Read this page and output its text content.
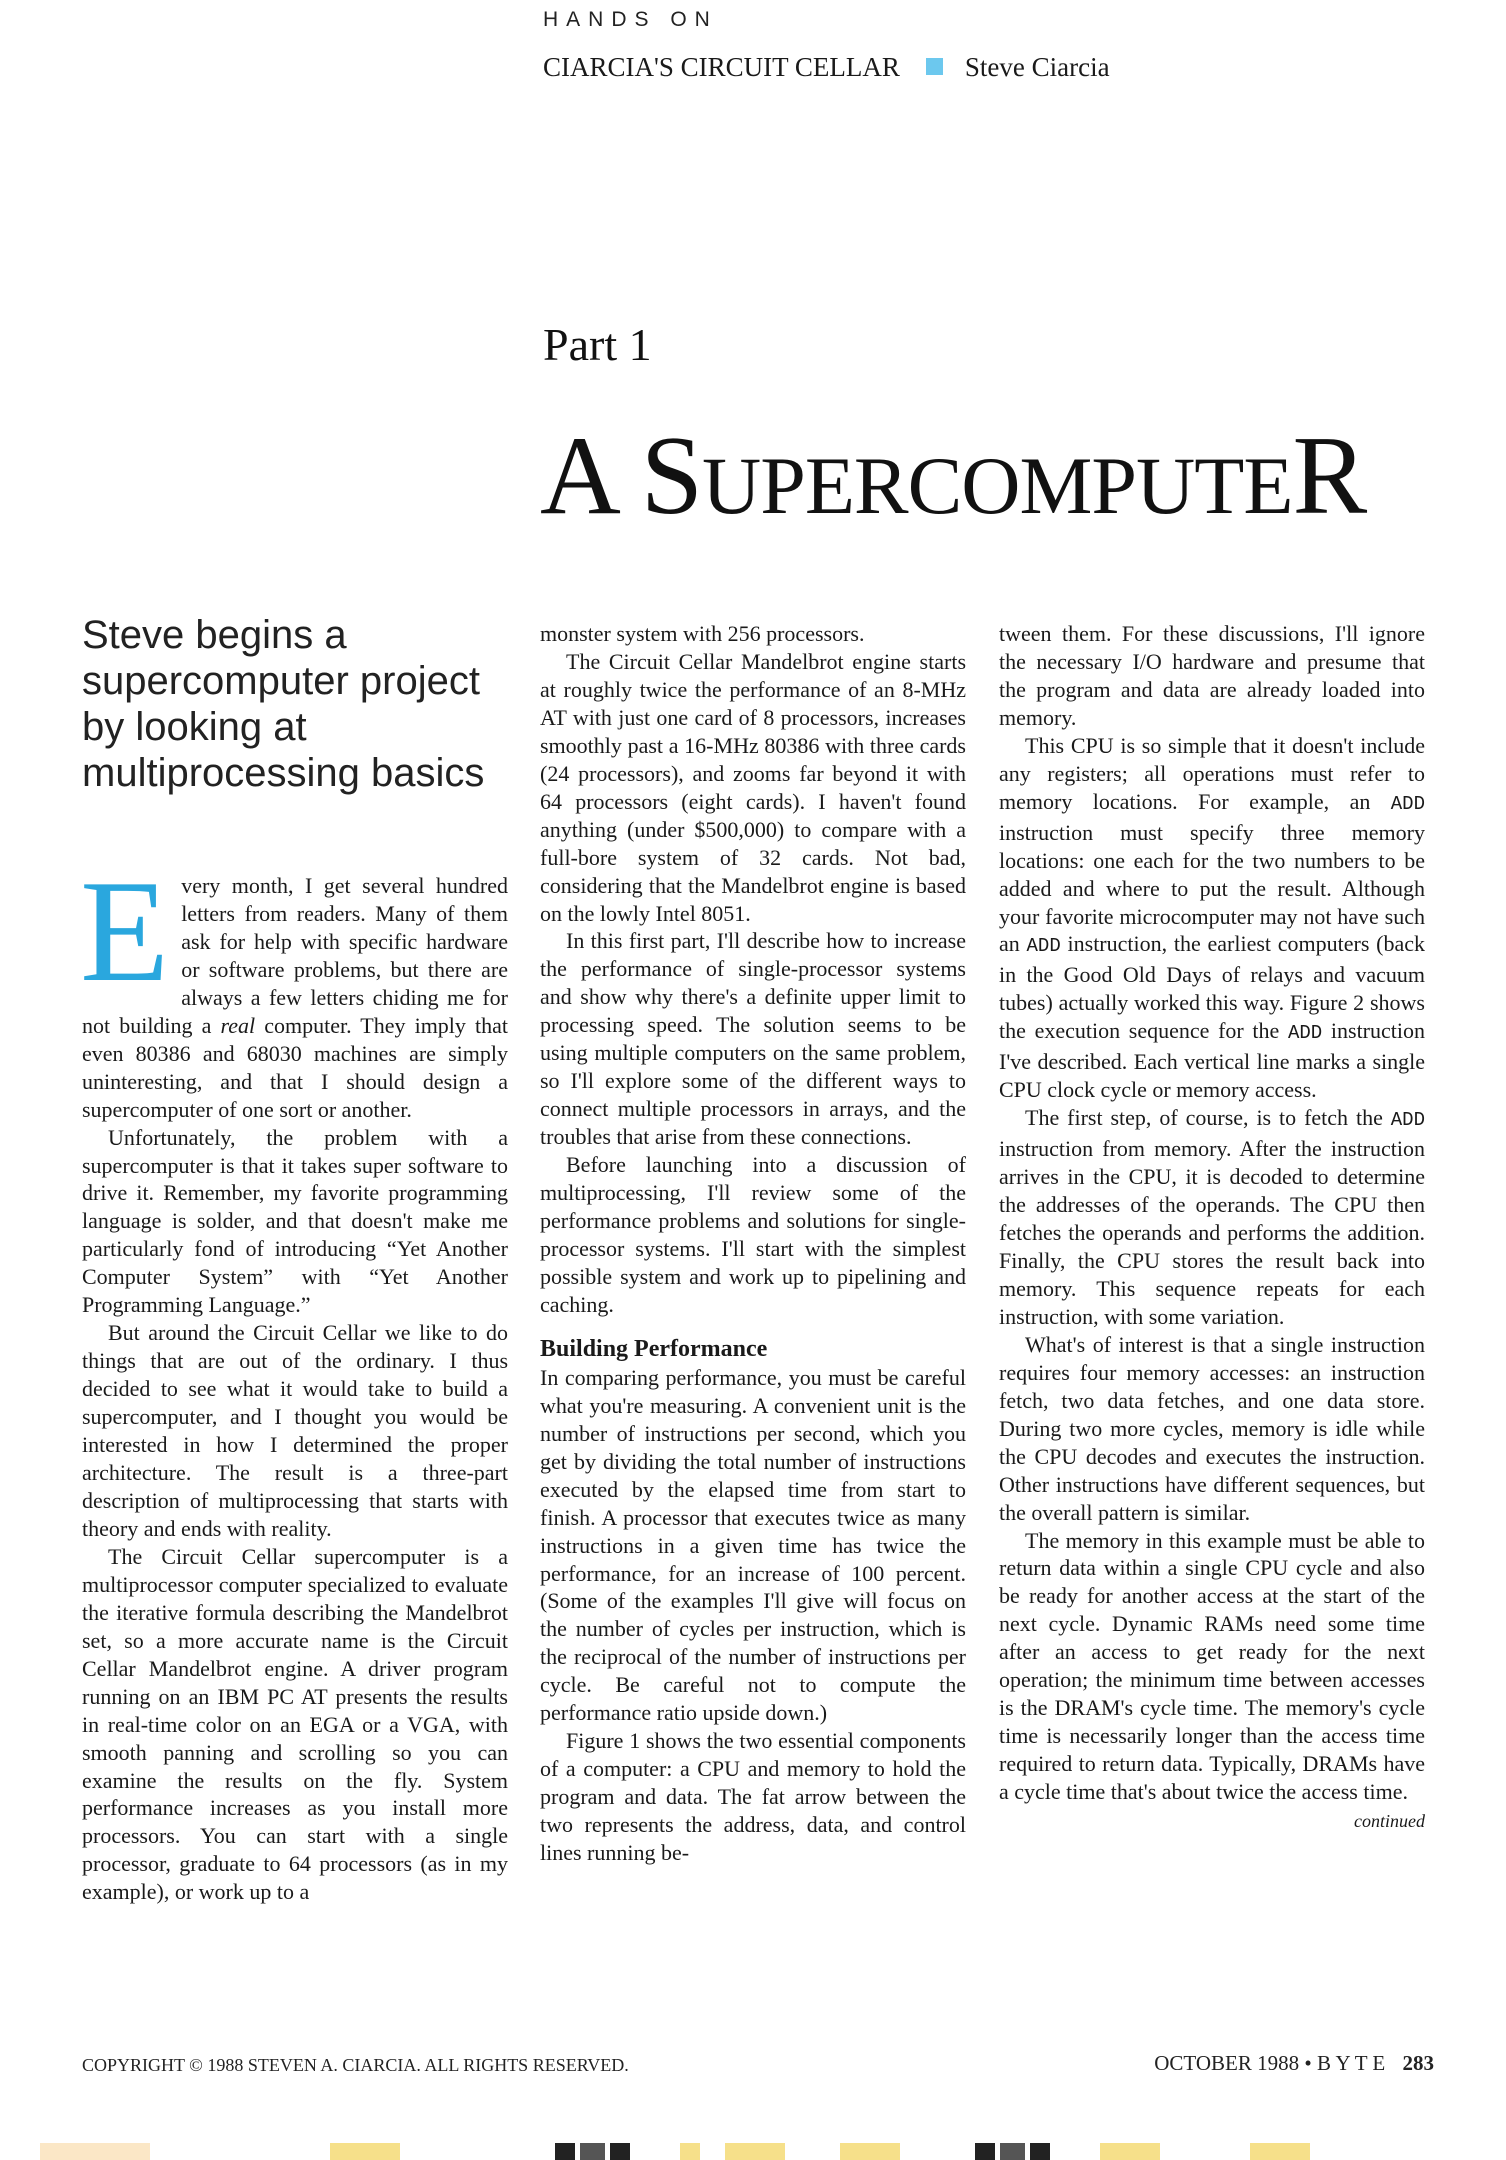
HANDS ON
CIARCIA'S CIRCUIT CELLAR Steve Ciarcia
Part 1
A SUPERCOMPUTER
Steve begins a supercomputer project by looking at multiprocessing basics

Every month, I get several hundred letters from readers. Many of them ask for help with specific hardware or software problems, but there are always a few letters chiding me for not building a real computer. They imply that even 80386 and 68030 machines are simply uninteresting, and that I should design a supercomputer of one sort or another.

Unfortunately, the problem with a supercomputer is that it takes super software to drive it. Remember, my favorite programming language is solder, and that doesn't make me particularly fond of introducing “Yet Another Computer System” with “Yet Another Programming Language.”

But around the Circuit Cellar we like to do things that are out of the ordinary. I thus decided to see what it would take to build a supercomputer, and I thought you would be interested in how I determined the proper architecture. The result is a three-part description of multiprocessing that starts with theory and ends with reality.

The Circuit Cellar supercomputer is a multiprocessor computer specialized to evaluate the iterative formula describing the Mandelbrot set, so a more accurate name is the Circuit Cellar Mandelbrot engine. A driver program running on an IBM PC AT presents the results in real-time color on an EGA or a VGA, with smooth panning and scrolling so you can examine the results on the fly. System performance increases as you install more processors. You can start with a single processor, graduate to 64 processors (as in my example), or work up to a

monster system with 256 processors.

The Circuit Cellar Mandelbrot engine starts at roughly twice the performance of an 8-MHz AT with just one card of 8 processors, increases smoothly past a 16-MHz 80386 with three cards (24 processors), and zooms far beyond it with 64 processors (eight cards). I haven't found anything (under $500,000) to compare with a full-bore system of 32 cards. Not bad, considering that the Mandelbrot engine is based on the lowly Intel 8051.

In this first part, I'll describe how to increase the performance of single-processor systems and show why there's a definite upper limit to processing speed. The solution seems to be using multiple computers on the same problem, so I'll explore some of the different ways to connect multiple processors in arrays, and the troubles that arise from these connections.

Before launching into a discussion of multiprocessing, I'll review some of the performance problems and solutions for single-processor systems. I'll start with the simplest possible system and work up to pipelining and caching.

Building Performance

In comparing performance, you must be careful what you're measuring. A convenient unit is the number of instructions per second, which you get by dividing the total number of instructions executed by the elapsed time from start to finish. A processor that executes twice as many instructions in a given time has twice the performance, for an increase of 100 percent. (Some of the examples I'll give will focus on the number of cycles per instruction, which is the reciprocal of the number of instructions per cycle. Be careful not to compute the performance ratio upside down.)

Figure 1 shows the two essential components of a computer: a CPU and memory to hold the program and data. The fat arrow between the two represents the address, data, and control lines running be-

tween them. For these discussions, I'll ignore the necessary I/O hardware and presume that the program and data are already loaded into memory.

This CPU is so simple that it doesn't include any registers; all operations must refer to memory locations. For example, an ADD instruction must specify three memory locations: one each for the two numbers to be added and where to put the result. Although your favorite microcomputer may not have such an ADD instruction, the earliest computers (back in the Good Old Days of relays and vacuum tubes) actually worked this way. Figure 2 shows the execution sequence for the ADD instruction I've described. Each vertical line marks a single CPU clock cycle or memory access.

The first step, of course, is to fetch the ADD instruction from memory. After the instruction arrives in the CPU, it is decoded to determine the addresses of the operands. The CPU then fetches the operands and performs the addition. Finally, the CPU stores the result back into memory. This sequence repeats for each instruction, with some variation.

What's of interest is that a single instruction requires four memory accesses: an instruction fetch, two data fetches, and one data store. During two more cycles, memory is idle while the CPU decodes and executes the instruction. Other instructions have different sequences, but the overall pattern is similar.

The memory in this example must be able to return data within a single CPU cycle and also be ready for another access at the start of the next cycle. Dynamic RAMs need some time after an access to get ready for the next operation; the minimum time between accesses is the DRAM's cycle time. The memory's cycle time is necessarily longer than the access time required to return data. Typically, DRAMs have a cycle time that's about twice the access time.

continued
COPYRIGHT © 1988 STEVEN A. CIARCIA. ALL RIGHTS RESERVED.	OCTOBER 1988 • B Y T E 283
